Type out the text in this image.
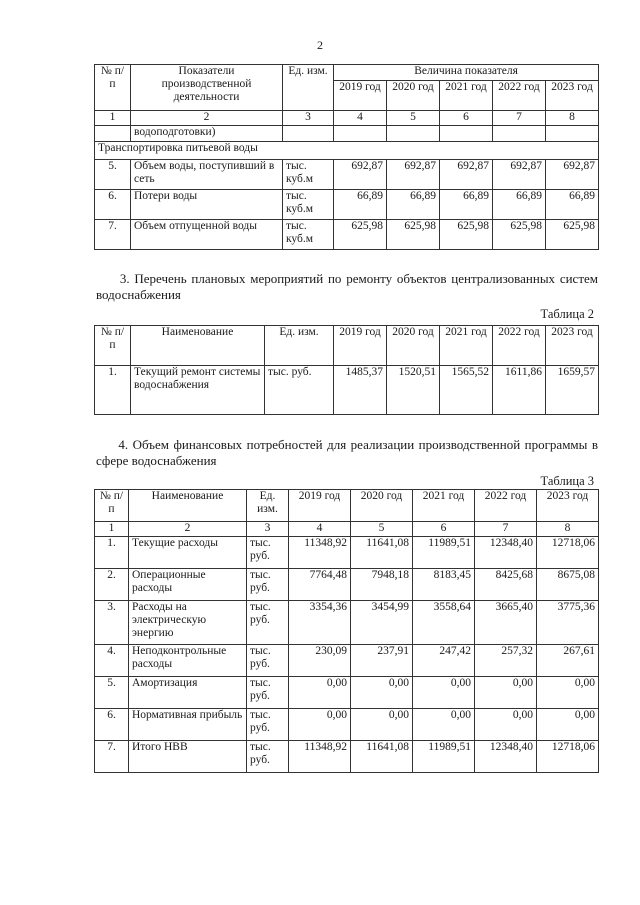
2
№ п/п	Показатели производственной деятельности	Ед. изм.	Величина показателя				
			2019 год	2020 год	2021 год	2022 год	2023 год
1	2	3	4	5	6	7	8
	водоподготовки)						
Транспортировка питьевой воды							
5.	Объем воды, поступивший в сеть	тыс. куб.м	692,87	692,87	692,87	692,87	692,87
6.	Потери воды	тыс. куб.м	66,89	66,89	66,89	66,89	66,89
7.	Объем отпущенной воды	тыс. куб.м	625,98	625,98	625,98	625,98	625,98
3. Перечень плановых мероприятий по ремонту объектов централизованных систем водоснабжения
Таблица 2
№ п/п	Наименование	Ед. изм.	2019 год	2020 год	2021 год	2022 год	2023 год
1.	Текущий ремонт системы водоснабжения	тыс. руб.	1485,37	1520,51	1565,52	1611,86	1659,57
4. Объем финансовых потребностей для реализации производственной программы в сфере водоснабжения
Таблица 3
№ п/п	Наименование	Ед. изм.	2019 год	2020 год	2021 год	2022 год	2023 год
1	2	3	4	5	6	7	8
1.	Текущие расходы	тыс. руб.	11348,92	11641,08	11989,51	12348,40	12718,06
2.	Операционные расходы	тыс. руб.	7764,48	7948,18	8183,45	8425,68	8675,08
3.	Расходы на электрическую энергию	тыс. руб.	3354,36	3454,99	3558,64	3665,40	3775,36
4.	Неподконтрольные расходы	тыс. руб.	230,09	237,91	247,42	257,32	267,61
5.	Амортизация	тыс. руб.	0,00	0,00	0,00	0,00	0,00
6.	Нормативная прибыль	тыс. руб.	0,00	0,00	0,00	0,00	0,00
7.	Итого НВВ	тыс. руб.	11348,92	11641,08	11989,51	12348,40	12718,06
